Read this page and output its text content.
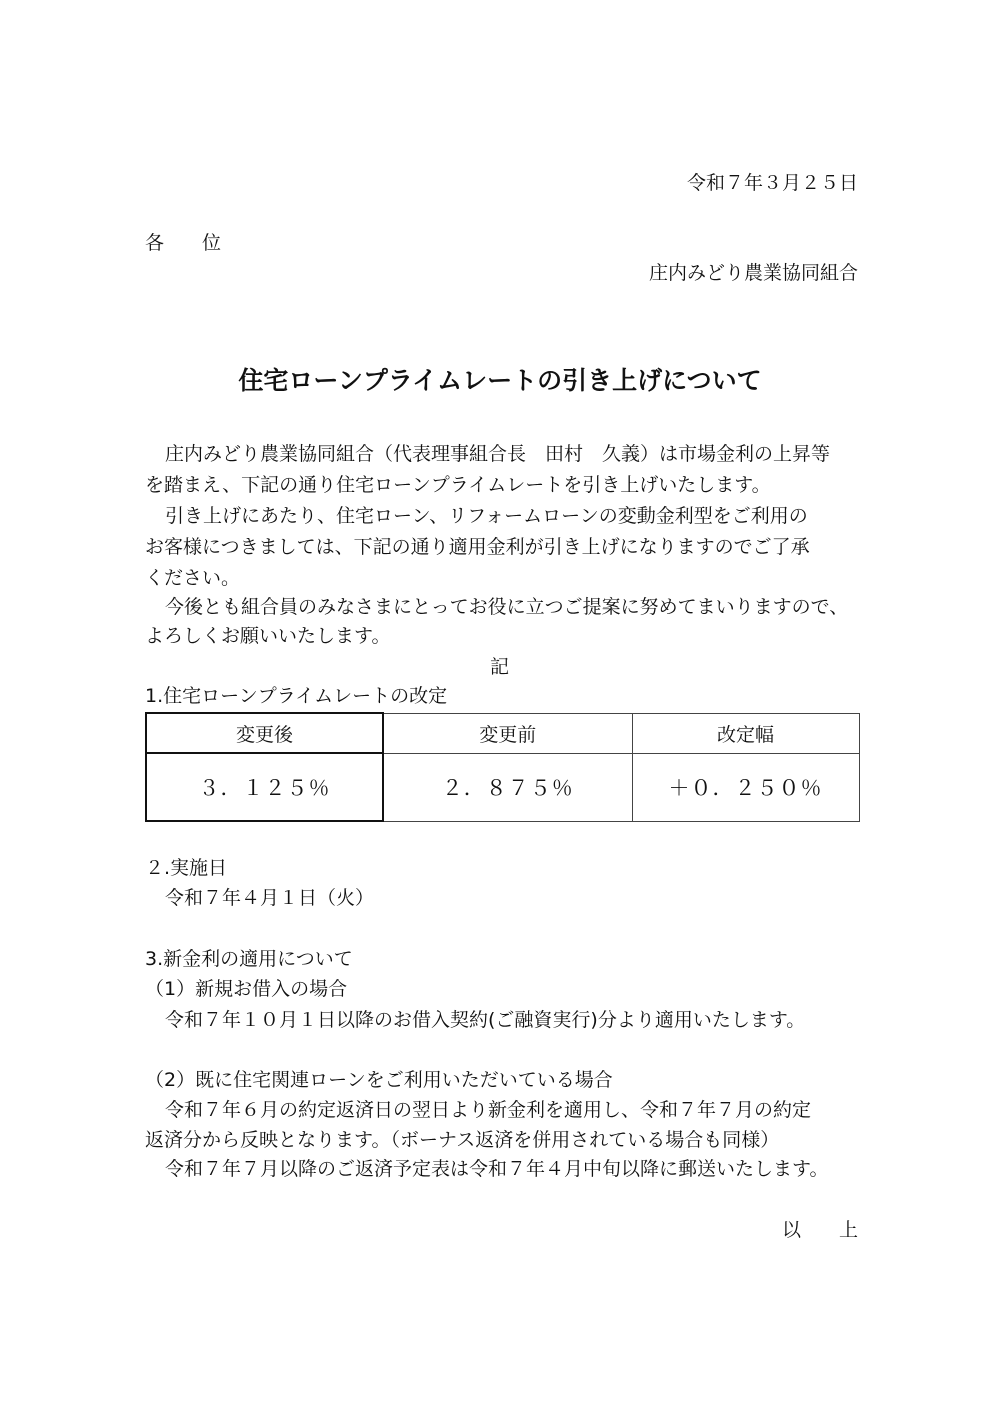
令和７年３月２５日

各　　位

庄内みどり農業協同組合

住宅ローンプライムレートの引き上げについて

庄内みどり農業協同組合（代表理事組合長　田村　久義）は市場金利の上昇等

を踏まえ、下記の通り住宅ローンプライムレートを引き上げいたします。

引き上げにあたり、住宅ローン、リフォームローンの変動金利型をご利用の

お客様につきましては、下記の通り適用金利が引き上げになりますのでご了承

ください。

今後とも組合員のみなさまにとってお役に立つご提案に努めてまいりますので、

よろしくお願いいたします。

記

1.住宅ローンプライムレートの改定

変更後	変更前	改定幅
３．１２５％	２．８７５％	＋０．２５０％

２.実施日

令和７年４月１日（火）

3.新金利の適用について

（1）新規お借入の場合

令和７年１０月１日以降のお借入契約(ご融資実行)分より適用いたします。

（2）既に住宅関連ローンをご利用いただいている場合

令和７年６月の約定返済日の翌日より新金利を適用し、令和７年７月の約定

返済分から反映となります。（ボーナス返済を併用されている場合も同様）

令和７年７月以降のご返済予定表は令和７年４月中旬以降に郵送いたします。

以　　上
